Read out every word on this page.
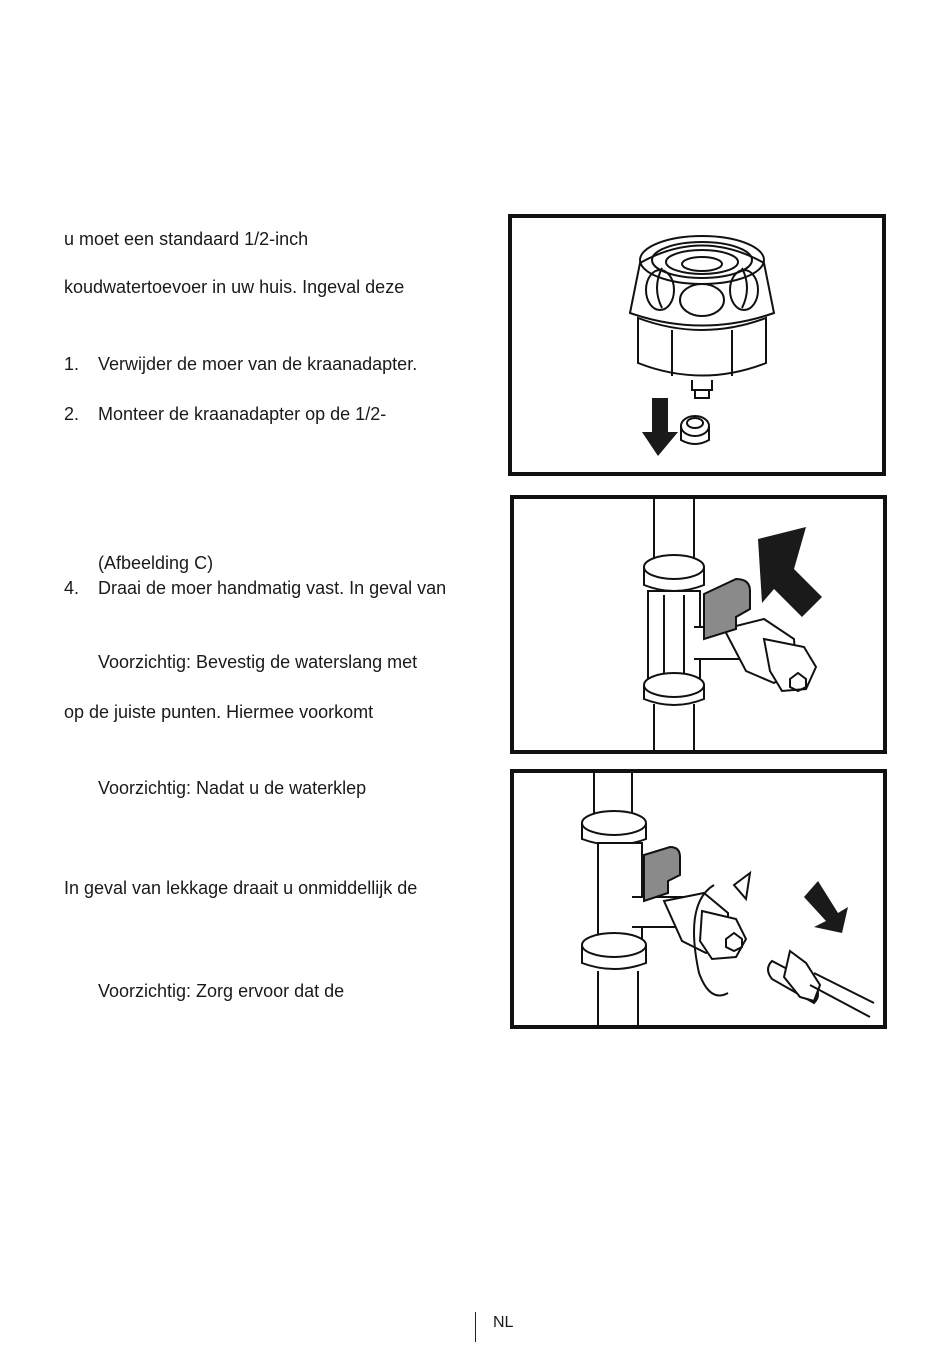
u moet een standaard 1/2-inch
koudwatertoevoer in uw huis. Ingeval deze
1. Verwijder de moer van de kraanadapter.
2. Monteer de kraanadapter op de 1/2-
(Afbeelding C)
4. Draai de moer handmatig vast. In geval van
Voorzichtig: Bevestig de waterslang met
op de juiste punten. Hiermee voorkomt
Voorzichtig: Nadat u de waterklep
In geval van lekkage draait u onmiddellijk de
Voorzichtig: Zorg ervoor dat de
NL
